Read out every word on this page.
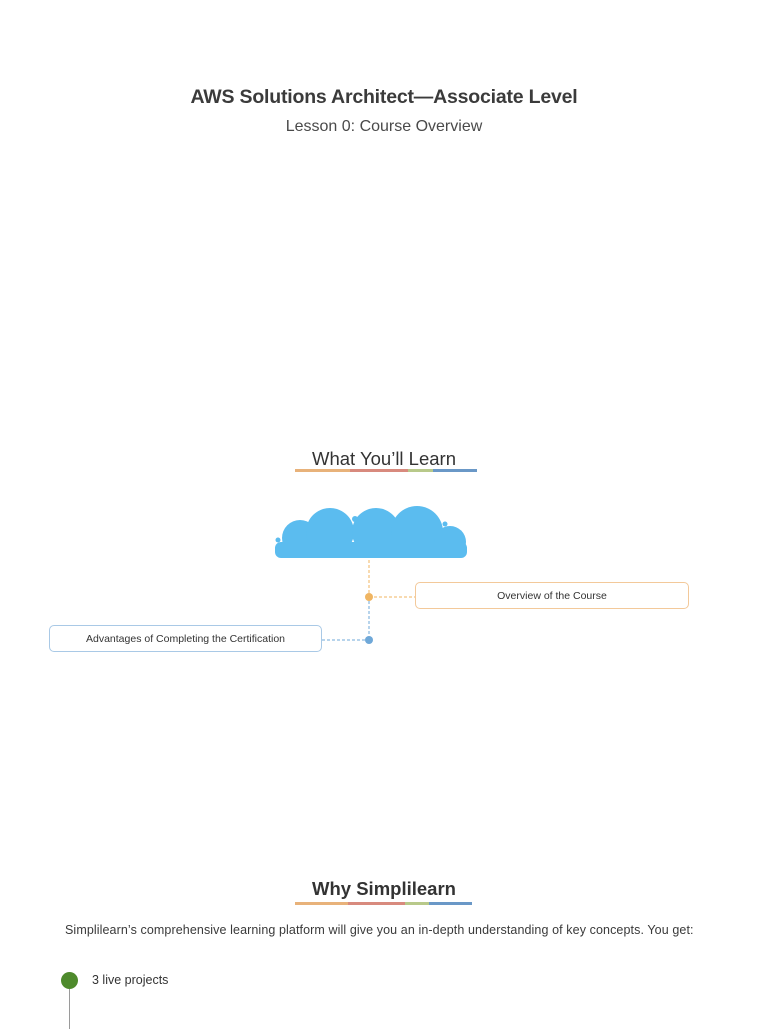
AWS Solutions Architect—Associate Level
Lesson 0: Course Overview
What You’ll Learn
Overview of the Course
Advantages of Completing the Certification
Why Simplilearn
Simplilearn’s comprehensive learning platform will give you an in-depth understanding of key concepts. You get:
3 live projects
